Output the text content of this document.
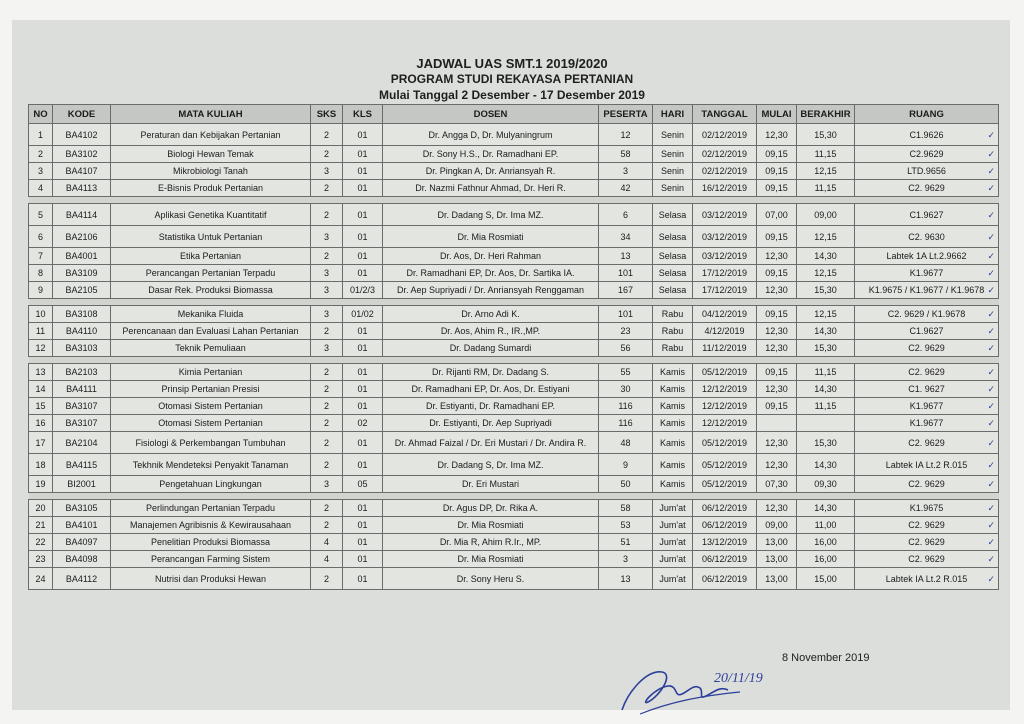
JADWAL UAS SMT.1 2019/2020
PROGRAM STUDI REKAYASA PERTANIAN
Mulai Tanggal 2 Desember - 17 Desember 2019
NO	KODE	MATA KULIAH	SKS	KLS	DOSEN	PESERTA	HARI	TANGGAL	MULAI	BERAKHIR	RUANG
1	BA4102	Peraturan dan Kebijakan Pertanian	2	01	Dr. Angga D, Dr. Mulyaningrum	12	Senin	02/12/2019	12,30	15,30	C1.9626 ✓

2	BA3102	Biologi Hewan Temak	2	01	Dr. Sony H.S., Dr. Ramadhani EP.	58	Senin	02/12/2019	09,15	11,15	C2.9629 ✓

3	BA4107	Mikrobiologi Tanah	3	01	Dr. Pingkan A, Dr. Anriansyah R.	3	Senin	02/12/2019	09,15	12,15	LTD.9656 ✓

4	BA4113	E-Bisnis Produk Pertanian	2	01	Dr. Nazmi Fathnur Ahmad, Dr. Heri R.	42	Senin	16/12/2019	09,15	11,15	C2. 9629 ✓

5	BA4114	Aplikasi Genetika Kuantitatif	2	01	Dr. Dadang S, Dr. Ima MZ.	6	Selasa	03/12/2019	07,00	09,00	C1.9627 ✓

6	BA2106	Statistika Untuk Pertanian	3	01	Dr. Mia Rosmiati	34	Selasa	03/12/2019	09,15	12,15	C2. 9630 ✓

7	BA4001	Etika Pertanian	2	01	Dr. Aos, Dr. Heri Rahman	13	Selasa	03/12/2019	12,30	14,30	Labtek 1A Lt.2.9662 ✓

8	BA3109	Perancangan Pertanian Terpadu	3	01	Dr. Ramadhani EP, Dr. Aos, Dr. Sartika IA.	101	Selasa	17/12/2019	09,15	12,15	K1.9677 ✓

9	BA2105	Dasar Rek. Produksi Biomassa	3	01/2/3	Dr. Aep Supriyadi / Dr. Anriansyah Renggaman	167	Selasa	17/12/2019	12,30	15,30	K1.9675 / K1.9677 / K1.9678 ✓

10	BA3108	Mekanika Fluida	3	01/02	Dr. Arno Adi K.	101	Rabu	04/12/2019	09,15	12,15	C2. 9629 / K1.9678 ✓

11	BA4110	Perencanaan dan Evaluasi Lahan Pertanian	2	01	Dr. Aos, Ahim R., IR.,MP.	23	Rabu	4/12/2019	12,30	14,30	C1.9627 ✓

12	BA3103	Teknik Pemuliaan	3	01	Dr. Dadang Sumardi	56	Rabu	11/12/2019	12,30	15,30	C2. 9629 ✓

13	BA2103	Kimia Pertanian	2	01	Dr. Rijanti RM, Dr. Dadang S.	55	Kamis	05/12/2019	09,15	11,15	C2. 9629 ✓

14	BA4111	Prinsip Pertanian Presisi	2	01	Dr. Ramadhani EP, Dr. Aos, Dr. Estiyani	30	Kamis	12/12/2019	12,30	14,30	C1. 9627 ✓

15	BA3107	Otomasi Sistem Pertanian	2	01	Dr. Estiyanti, Dr. Ramadhani EP.	116	Kamis	12/12/2019	09,15	11,15	K1.9677 ✓

16	BA3107	Otomasi Sistem Pertanian	2	02	Dr. Estiyanti, Dr. Aep Supriyadi	116	Kamis	12/12/2019			K1.9677 ✓

17	BA2104	Fisiologi & Perkembangan Tumbuhan	2	01	Dr. Ahmad Faizal / Dr. Eri Mustari / Dr. Andira R.	48	Kamis	05/12/2019	12,30	15,30	C2. 9629 ✓

18	BA4115	Tekhnik Mendeteksi Penyakit Tanaman	2	01	Dr. Dadang S, Dr. Ima MZ.	9	Kamis	05/12/2019	12,30	14,30	Labtek IA Lt.2 R.015 ✓

19	BI2001	Pengetahuan Lingkungan	3	05	Dr. Eri Mustari	50	Kamis	05/12/2019	07,30	09,30	C2. 9629 ✓

20	BA3105	Perlindungan Pertanian Terpadu	2	01	Dr. Agus DP, Dr. Rika A.	58	Jum'at	06/12/2019	12,30	14,30	K1.9675 ✓

21	BA4101	Manajemen Agribisnis & Kewirausahaan	2	01	Dr. Mia Rosmiati	53	Jum'at	06/12/2019	09,00	11,00	C2. 9629 ✓

22	BA4097	Penelitian Produksi Biomassa	4	01	Dr. Mia R, Ahim R.Ir., MP.	51	Jum'at	13/12/2019	13,00	16,00	C2. 9629 ✓

23	BA4098	Perancangan Farming Sistem	4	01	Dr. Mia Rosmiati	3	Jum'at	06/12/2019	13,00	16,00	C2. 9629 ✓

24	BA4112	Nutrisi dan Produksi Hewan	2	01	Dr. Sony Heru S.	13	Jum'at	06/12/2019	13,00	15,00	Labtek IA Lt.2 R.015 ✓
8 November 2019
20/11/19
